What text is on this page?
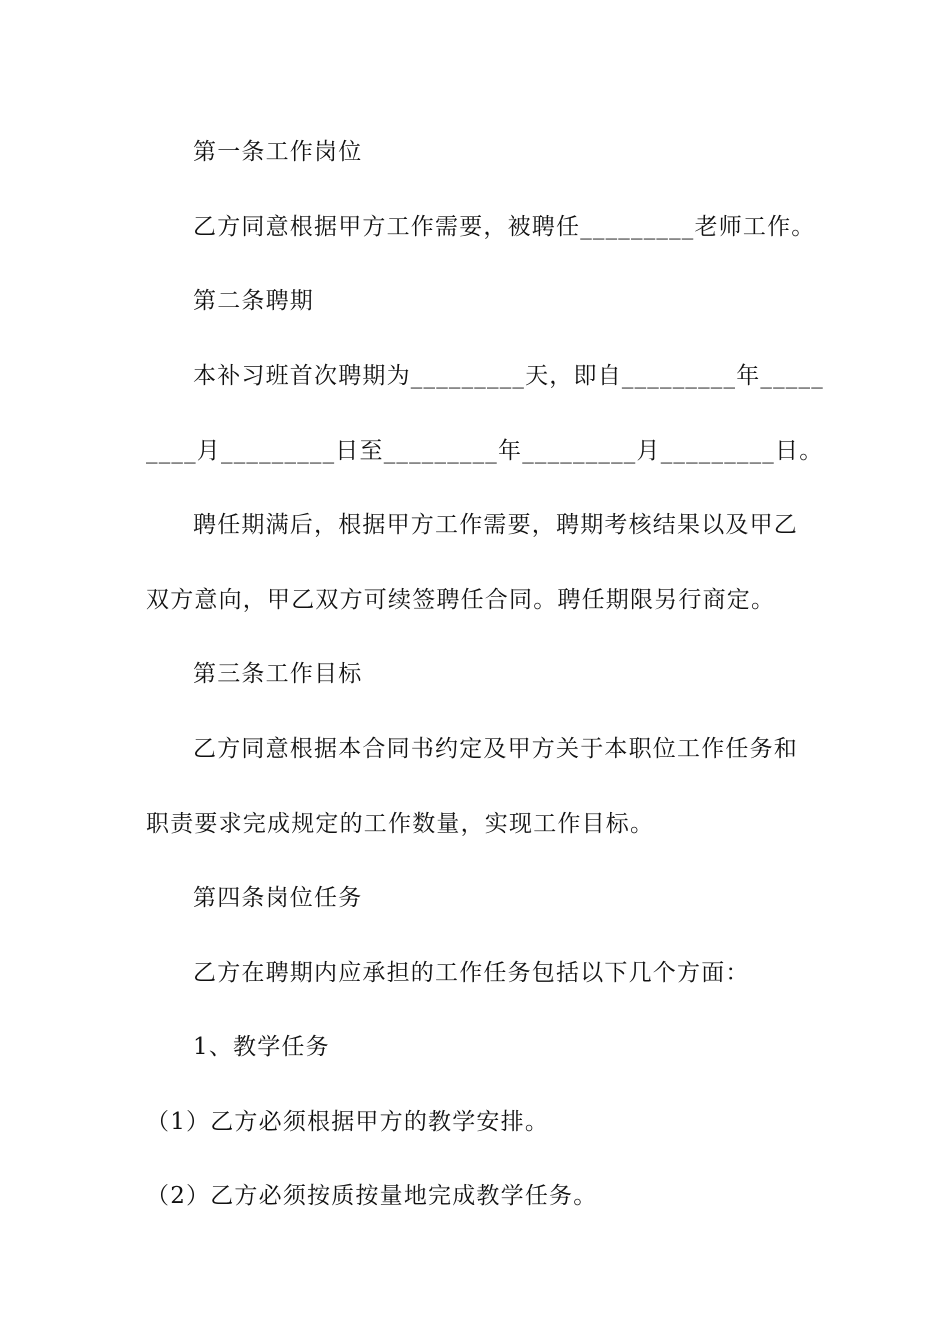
第一条工作岗位
乙方同意根据甲方工作需要，被聘任_________老师工作。
第二条聘期
本补习班首次聘期为_________天，即自_________年_____
____月_________日至_________年_________月_________日。
聘任期满后，根据甲方工作需要，聘期考核结果以及甲乙
双方意向，甲乙双方可续签聘任合同。聘任期限另行商定。
第三条工作目标
乙方同意根据本合同书约定及甲方关于本职位工作任务和
职责要求完成规定的工作数量，实现工作目标。
第四条岗位任务
乙方在聘期内应承担的工作任务包括以下几个方面：
1、教学任务
（1）乙方必须根据甲方的教学安排。
（2）乙方必须按质按量地完成教学任务。
